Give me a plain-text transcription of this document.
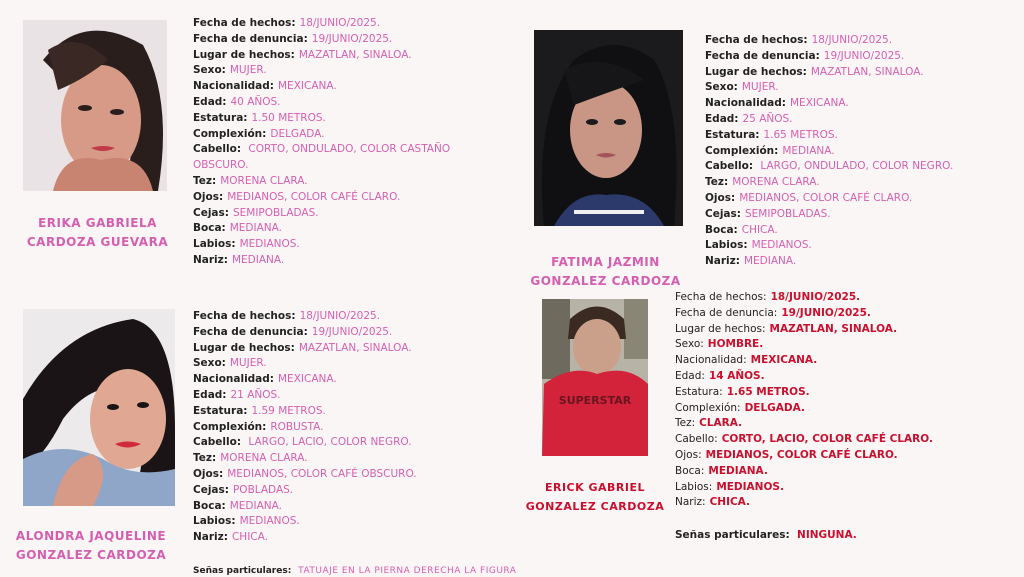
ERIKA GABRIELA
CARDOZA GUEVARA
Fecha de hechos: 18/JUNIO/2025.
Fecha de denuncia: 19/JUNIO/2025.
Lugar de hechos: MAZATLAN, SINALOA.
Sexo: MUJER.
Nacionalidad: MEXICANA.
Edad: 40 AÑOS.
Estatura: 1.50 METROS.
Complexión: DELGADA.
Cabello: CORTO, ONDULADO, COLOR CASTAÑO
OBSCURO.
Tez: MORENA CLARA.
Ojos: MEDIANOS, COLOR CAFÉ CLARO.
Cejas: SEMIPOBLADAS.
Boca: MEDIANA.
Labios: MEDIANOS.
Nariz: MEDIANA.	FATIMA JAZMIN
GONZALEZ CARDOZA
Fecha de hechos: 18/JUNIO/2025.
Fecha de denuncia: 19/JUNIO/2025.
Lugar de hechos: MAZATLAN, SINALOA.
Sexo: MUJER.
Nacionalidad: MEXICANA.
Edad: 25 AÑOS.
Estatura: 1.65 METROS.
Complexión: MEDIANA.
Cabello: LARGO, ONDULADO, COLOR NEGRO.
Tez: MORENA CLARA.
Ojos: MEDIANOS, COLOR CAFÉ CLARO.
Cejas: SEMIPOBLADAS.
Boca: CHICA.
Labios: MEDIANOS.
Nariz: MEDIANA.
ALONDRA JAQUELINE
GONZALEZ CARDOZA
Fecha de hechos: 18/JUNIO/2025.
Fecha de denuncia: 19/JUNIO/2025.
Lugar de hechos: MAZATLAN, SINALOA.
Sexo: MUJER.
Nacionalidad: MEXICANA.
Edad: 21 AÑOS.
Estatura: 1.59 METROS.
Complexión: ROBUSTA.
Cabello: LARGO, LACIO, COLOR NEGRO.
Tez: MORENA CLARA.
Ojos: MEDIANOS, COLOR CAFÉ OBSCURO.
Cejas: POBLADAS.
Boca: MEDIANA.
Labios: MEDIANOS.
Nariz: CHICA.
Señas particulares: TATUAJE EN LA PIERNA DERECHA LA FIGURA
SUPERSTAR
ERICK GABRIEL
GONZALEZ CARDOZA
Fecha de hechos: 18/JUNIO/2025.
Fecha de denuncia: 19/JUNIO/2025.
Lugar de hechos: MAZATLAN, SINALOA.
Sexo: HOMBRE.
Nacionalidad: MEXICANA.
Edad: 14 AÑOS.
Estatura: 1.65 METROS.
Complexión: DELGADA.
Tez: CLARA.
Cabello: CORTO, LACIO, COLOR CAFÉ CLARO.
Ojos: MEDIANOS, COLOR CAFÉ CLARO.
Boca: MEDIANA.
Labios: MEDIANOS.
Nariz: CHICA.
Señas particulares: NINGUNA.
